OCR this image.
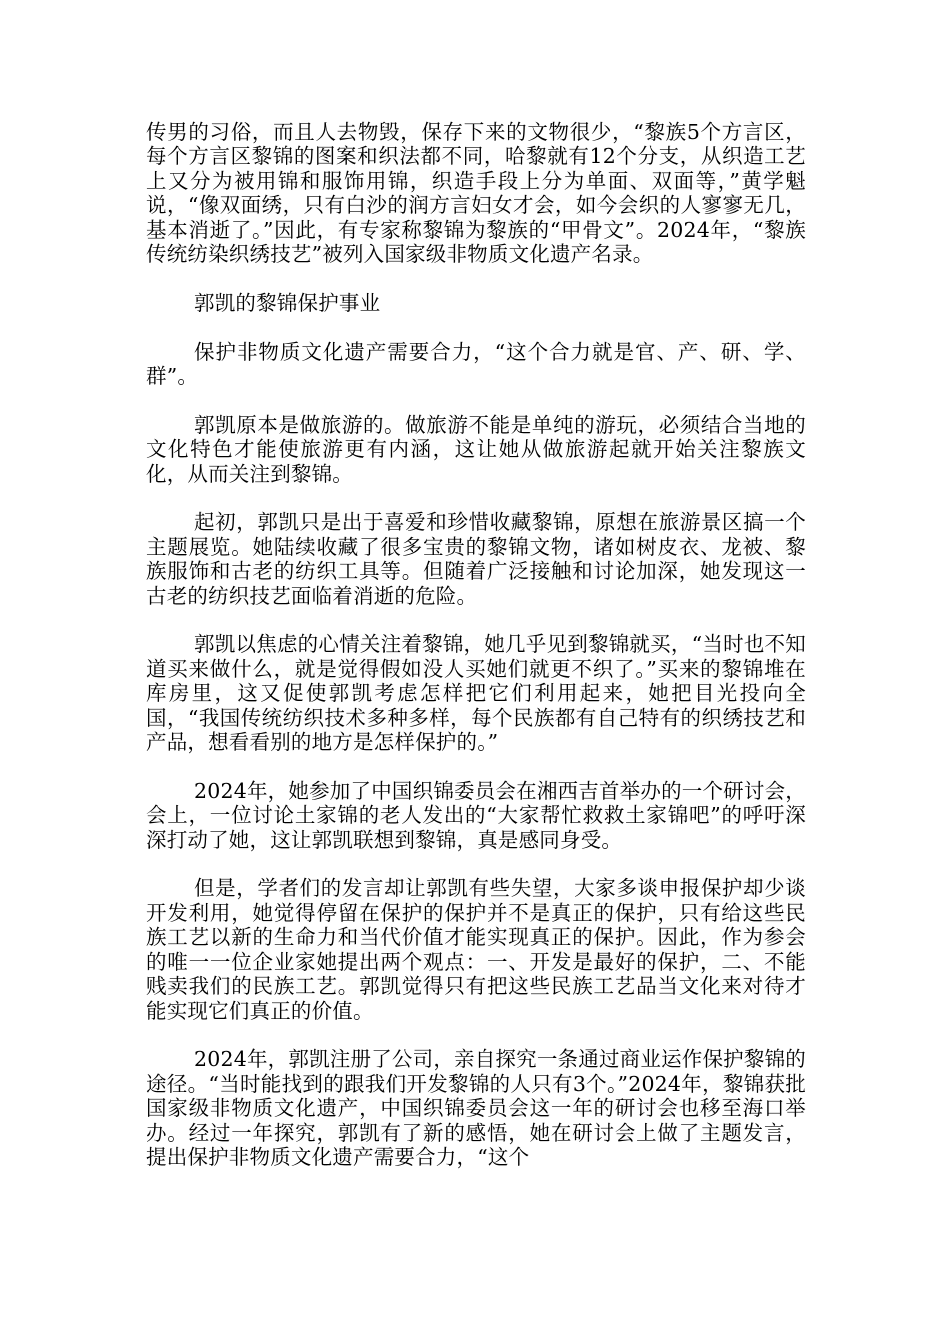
传男的习俗，而且人去物毁，保存下来的文物很少，“黎族5个方言区，每个方言区黎锦的图案和织法都不同，哈黎就有12个分支，从织造工艺上又分为被用锦和服饰用锦，织造手段上分为单面、双面等，”黄学魁说，“像双面绣，只有白沙的润方言妇女才会，如今会织的人寥寥无几，基本消逝了。”因此，有专家称黎锦为黎族的“甲骨文”。2024年，“黎族传统纺染织绣技艺”被列入国家级非物质文化遗产名录。

郭凯的黎锦保护事业

保护非物质文化遗产需要合力，“这个合力就是官、产、研、学、群”。

郭凯原本是做旅游的。做旅游不能是单纯的游玩，必须结合当地的文化特色才能使旅游更有内涵，这让她从做旅游起就开始关注黎族文化，从而关注到黎锦。

起初，郭凯只是出于喜爱和珍惜收藏黎锦，原想在旅游景区搞一个主题展览。她陆续收藏了很多宝贵的黎锦文物，诸如树皮衣、龙被、黎族服饰和古老的纺织工具等。但随着广泛接触和讨论加深，她发现这一古老的纺织技艺面临着消逝的危险。

郭凯以焦虑的心情关注着黎锦，她几乎见到黎锦就买，“当时也不知道买来做什么，就是觉得假如没人买她们就更不织了。”买来的黎锦堆在库房里，这又促使郭凯考虑怎样把它们利用起来，她把目光投向全国，“我国传统纺织技术多种多样，每个民族都有自己特有的织绣技艺和产品，想看看别的地方是怎样保护的。”

2024年，她参加了中国织锦委员会在湘西吉首举办的一个研讨会，会上，一位讨论土家锦的老人发出的“大家帮忙救救土家锦吧”的呼吁深深打动了她，这让郭凯联想到黎锦，真是感同身受。

但是，学者们的发言却让郭凯有些失望，大家多谈申报保护却少谈开发利用，她觉得停留在保护的保护并不是真正的保护，只有给这些民族工艺以新的生命力和当代价值才能实现真正的保护。因此，作为参会的唯一一位企业家她提出两个观点：一、开发是最好的保护，二、不能贱卖我们的民族工艺。郭凯觉得只有把这些民族工艺品当文化来对待才能实现它们真正的价值。

2024年，郭凯注册了公司，亲自探究一条通过商业运作保护黎锦的途径。“当时能找到的跟我们开发黎锦的人只有3个。”2024年，黎锦获批国家级非物质文化遗产，中国织锦委员会这一年的研讨会也移至海口举办。经过一年探究，郭凯有了新的感悟，她在研讨会上做了主题发言，提出保护非物质文化遗产需要合力，“这个
